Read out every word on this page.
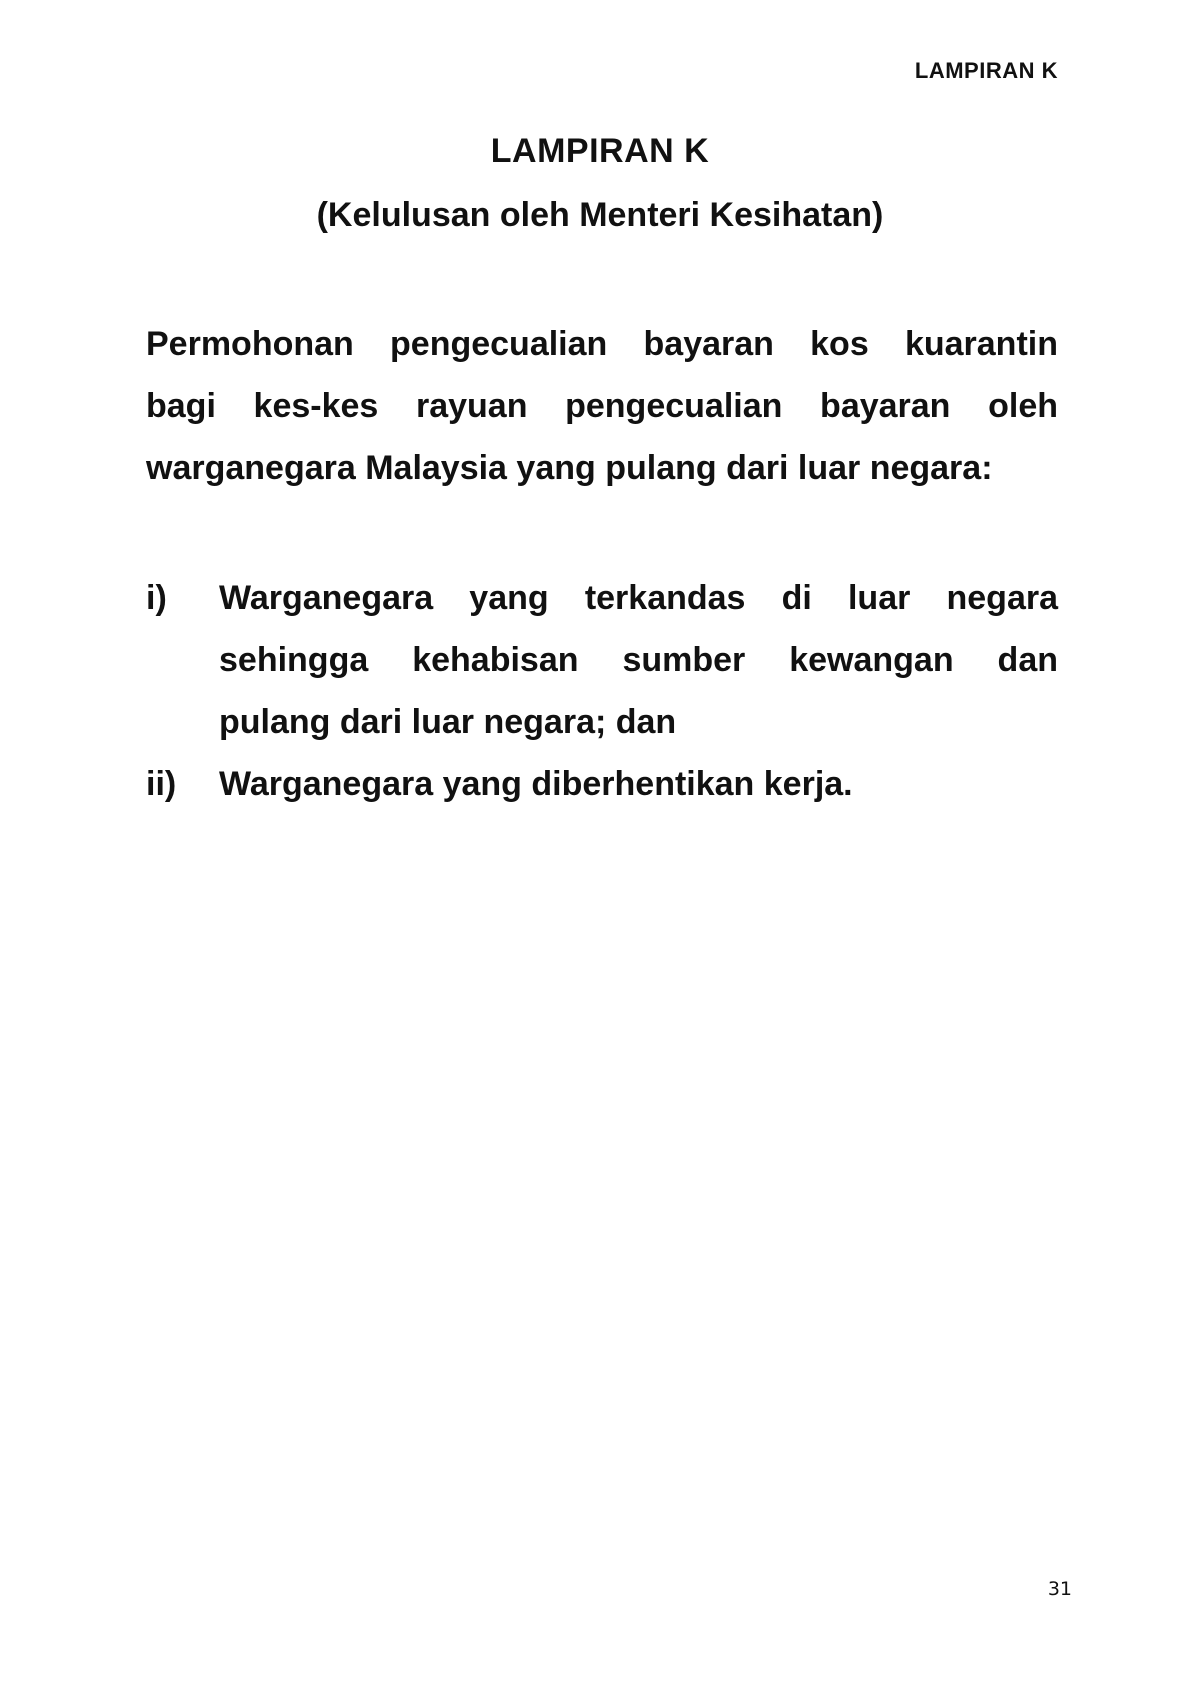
LAMPIRAN K
LAMPIRAN K
(Kelulusan oleh Menteri Kesihatan)
Permohonan pengecualian bayaran kos kuarantin
bagi kes-kes rayuan pengecualian bayaran oleh
warganegara Malaysia yang pulang dari luar negara:
i) Warganegara yang terkandas di luar negara
sehingga kehabisan sumber kewangan dan
pulang dari luar negara; dan
ii) Warganegara yang diberhentikan kerja.
31
